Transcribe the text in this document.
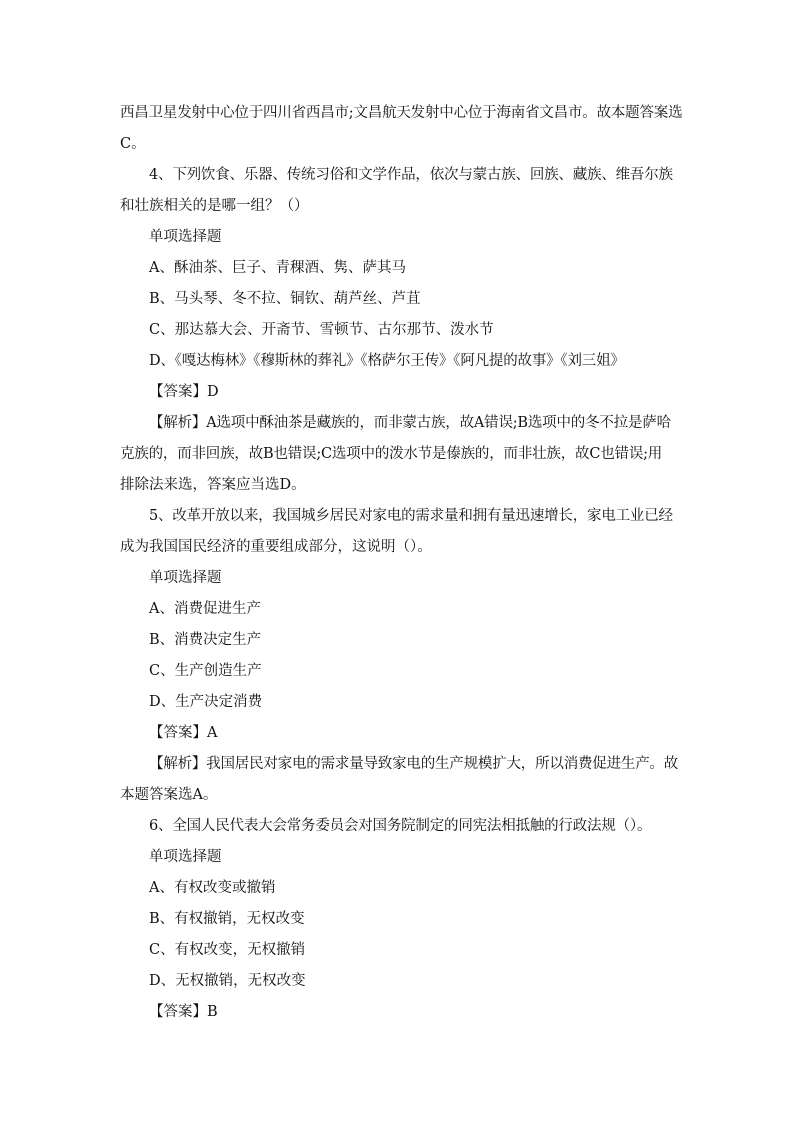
西昌卫星发射中心位于四川省西昌市;文昌航天发射中心位于海南省文昌市。故本题答案选

C。

4、下列饮食、乐器、传统习俗和文学作品，依次与蒙古族、回族、藏族、维吾尔族

和壮族相关的是哪一组？（）

单项选择题

A、酥油茶、巨子、青稞酒、隽、萨其马

B、马头琴、冬不拉、铜钦、葫芦丝、芦苴

C、那达慕大会、开斋节、雪顿节、古尔那节、泼水节

D、《嘎达梅林》《穆斯林的葬礼》《格萨尔王传》《阿凡提的故事》《刘三姐》

【答案】D

【解析】A选项中酥油茶是藏族的，而非蒙古族，故A错误;B选项中的冬不拉是萨哈

克族的，而非回族，故B也错误;C选项中的泼水节是傣族的，而非壮族，故C也错误;用

排除法来选，答案应当选D。

5、改革开放以来，我国城乡居民对家电的需求量和拥有量迅速增长，家电工业已经

成为我国国民经济的重要组成部分，这说明（）。

单项选择题

A、消费促进生产

B、消费决定生产

C、生产创造生产

D、生产决定消费

【答案】A

【解析】我国居民对家电的需求量导致家电的生产规模扩大，所以消费促进生产。故

本题答案选A。

6、全国人民代表大会常务委员会对国务院制定的同宪法相抵触的行政法规（）。

单项选择题

A、有权改变或撤销

B、有权撤销，无权改变

C、有权改变，无权撤销

D、无权撤销，无权改变

【答案】B
